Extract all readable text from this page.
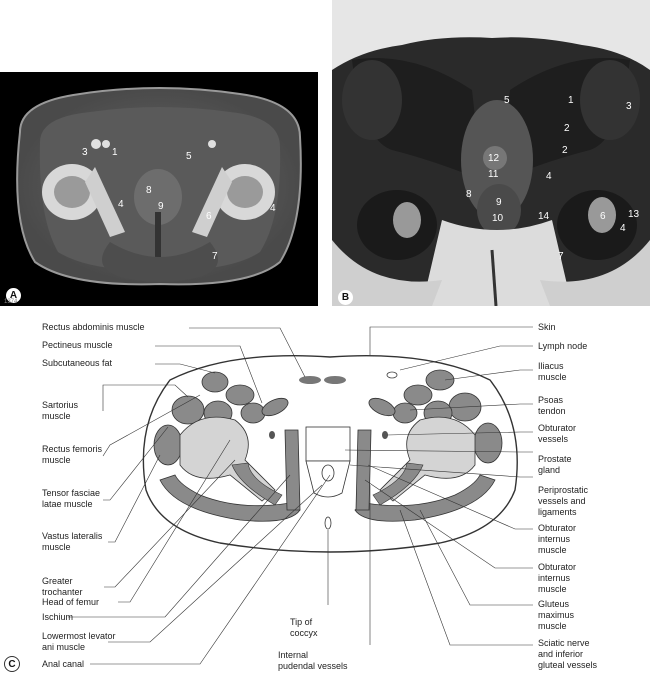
3 1	5
4
8
9
6
4
7
A
1374
5	1
3
2
2
12
11	4
8
9
14	6 13
10
4
7
B
Rectus abdominis muscle
Pectineus muscle
Subcutaneous fat
Sartorius
muscle
Rectus femoris
muscle
Tensor fasciae
latae muscle
Vastus lateralis
muscle
Greater
trochanter
Head of femur
Ischium
Lowermost levator
ani muscle
Anal canal
Skin
Lymph node
Iliacus
muscle
Psoas
tendon
Obturator
vessels
Prostate
gland
Periprostatic
vessels and
ligaments
Obturator
internus
muscle
Obturator
internus
muscle
Gluteus
maximus
muscle
Sciatic nerve
and inferior
gluteal vessels
Tip of
coccyx
Internal
pudendal vessels
C
